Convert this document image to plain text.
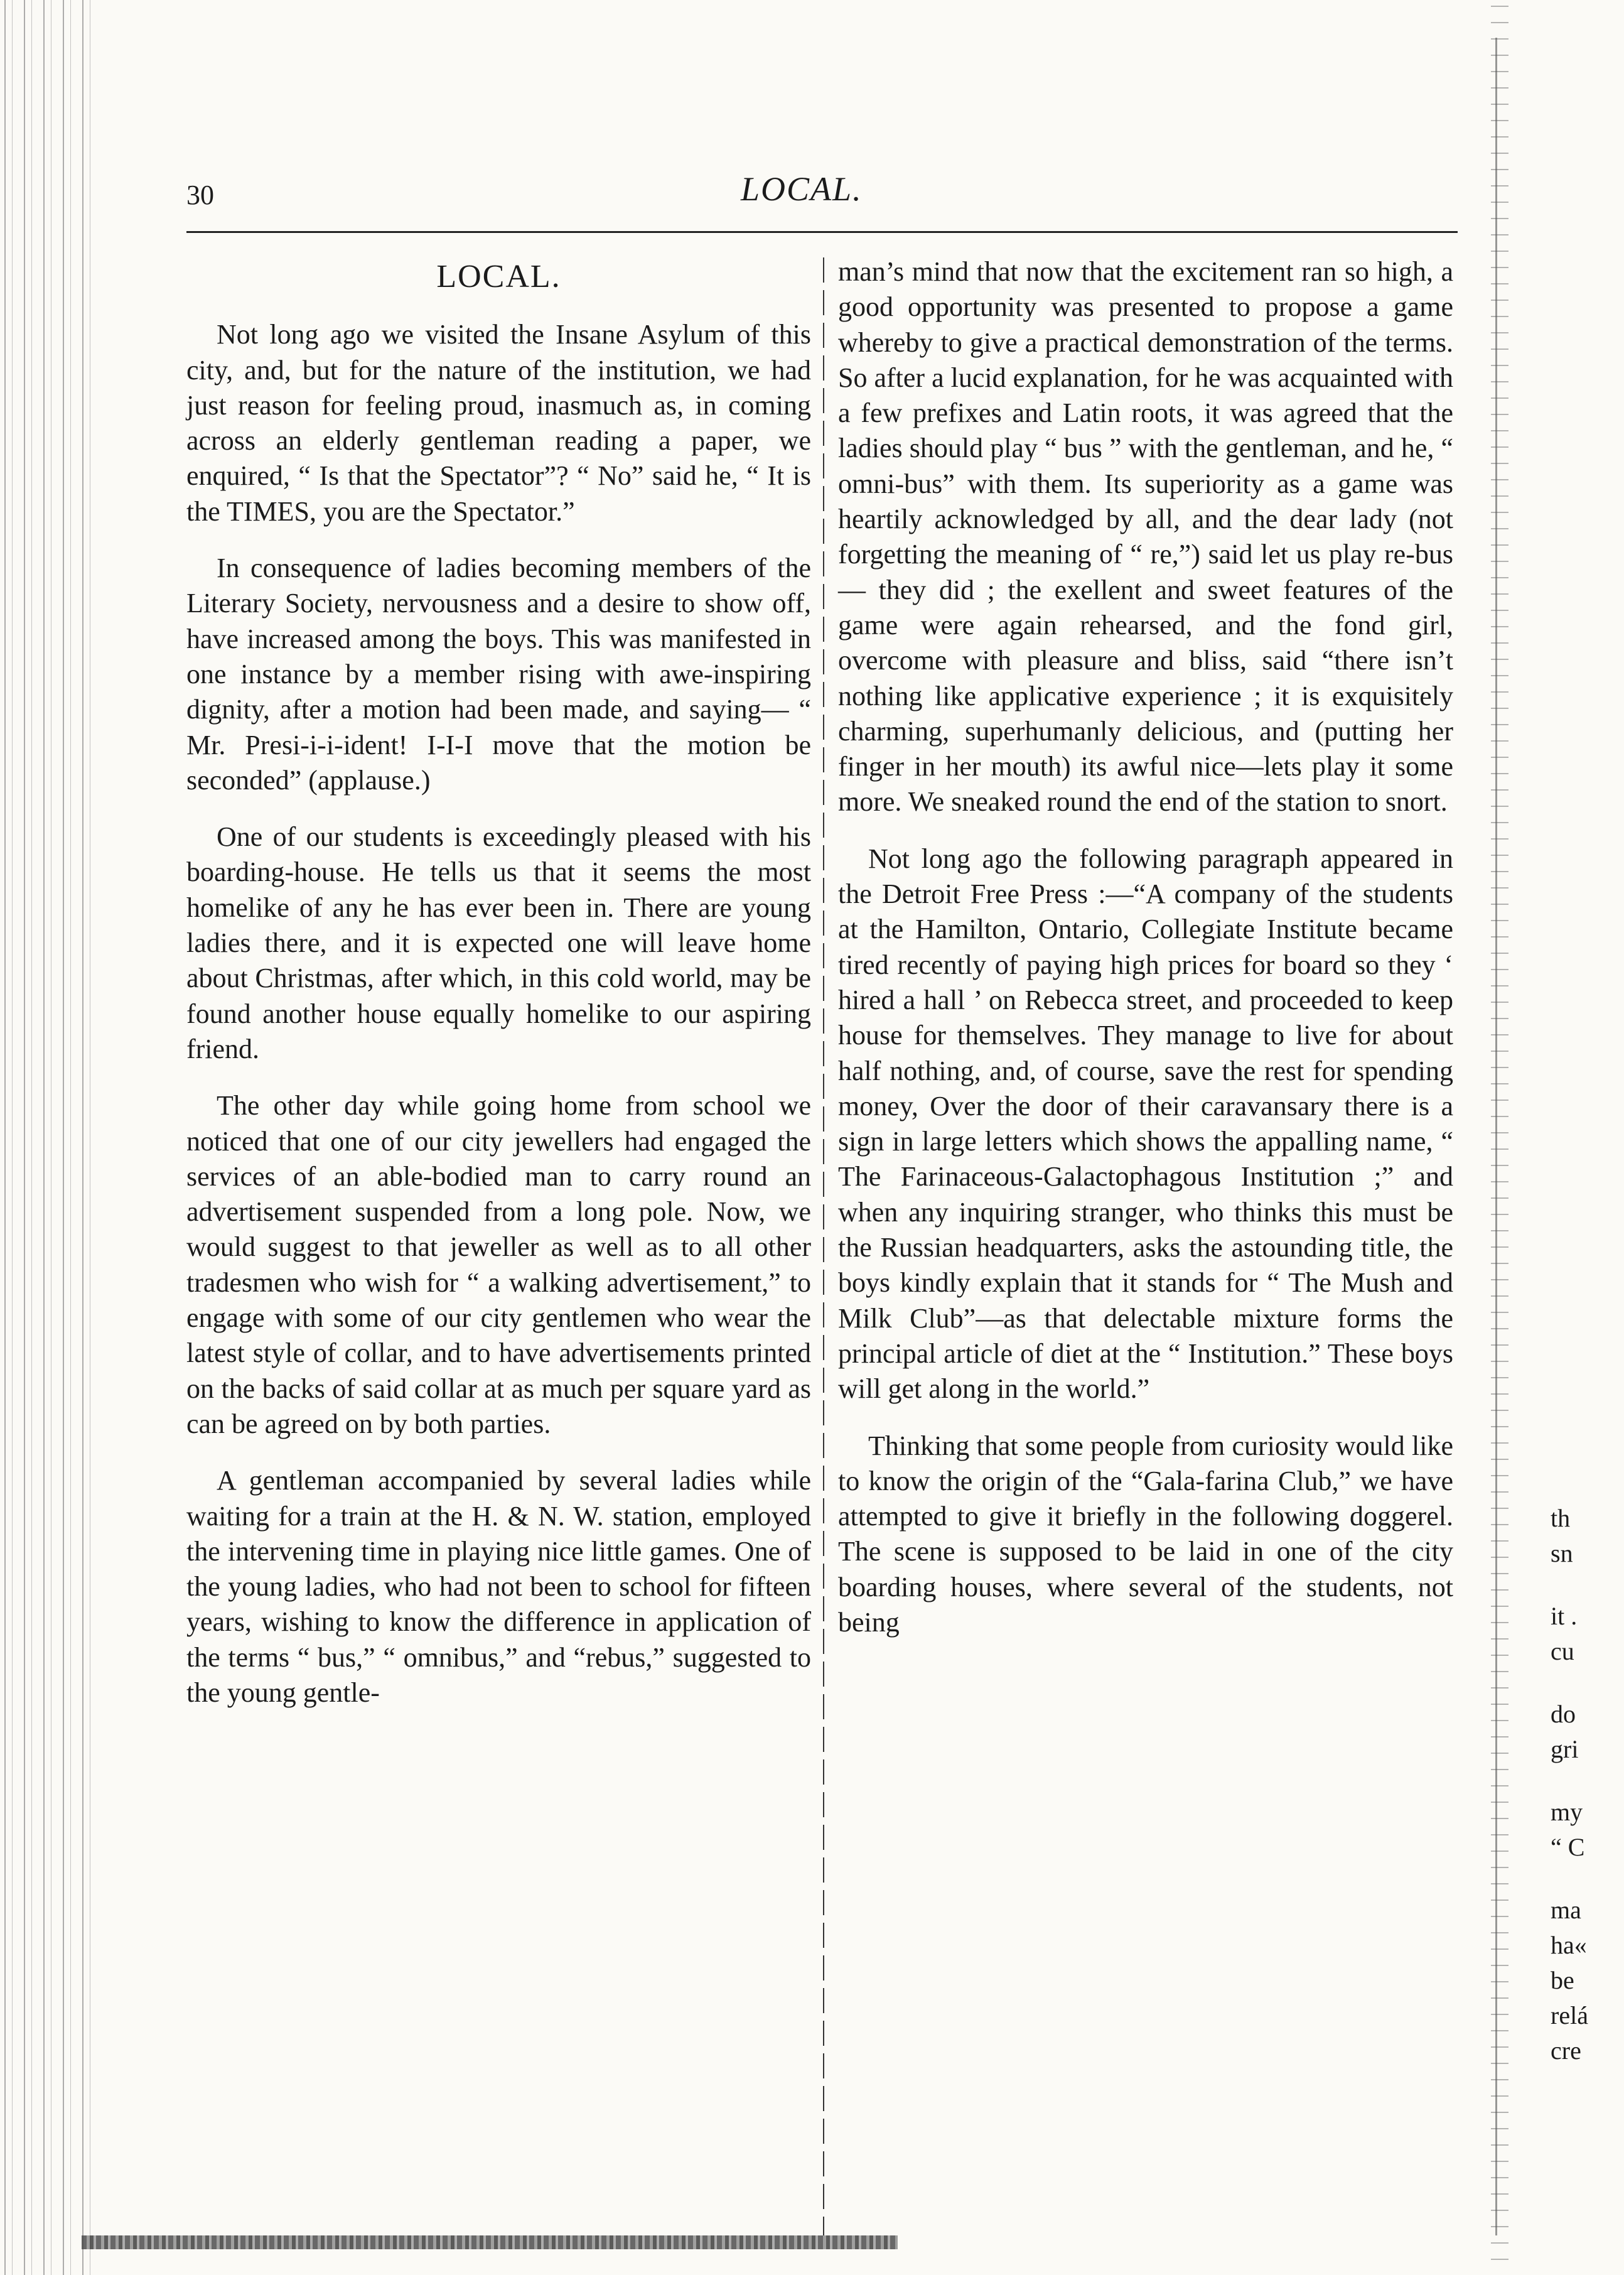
30	LOCAL.
LOCAL.

Not long ago we visited the Insane Asylum of this city, and, but for the nature of the institution, we had just reason for feeling proud, inasmuch as, in coming across an elderly gentleman reading a paper, we enquired, “ Is that the Spectator”? “ No” said he, “ It is the TIMES, you are the Spectator.”

In consequence of ladies becoming members of the Literary Society, nervousness and a desire to show off, have increased among the boys. This was manifested in one instance by a member rising with awe-inspiring dignity, after a motion had been made, and saying— “ Mr. Presi-i-i-ident! I-I-I move that the motion be seconded” (applause.)

One of our students is exceedingly pleased with his boarding-house. He tells us that it seems the most homelike of any he has ever been in. There are young ladies there, and it is expected one will leave home about Christmas, after which, in this cold world, may be found another house equally homelike to our aspiring friend.

The other day while going home from school we noticed that one of our city jewellers had engaged the services of an able-bodied man to carry round an advertisement suspended from a long pole. Now, we would suggest to that jeweller as well as to all other tradesmen who wish for “ a walking advertisement,” to engage with some of our city gentlemen who wear the latest style of collar, and to have advertisements printed on the backs of said collar at as much per square yard as can be agreed on by both parties.

A gentleman accompanied by several ladies while waiting for a train at the H. & N. W. station, employed the intervening time in playing nice little games. One of the young ladies, who had not been to school for fifteen years, wishing to know the difference in application of the terms “ bus,” “ omnibus,” and “rebus,” suggested to the young gentle-

man’s mind that now that the excitement ran so high, a good opportunity was presented to propose a game whereby to give a practical demonstration of the terms. So after a lucid explanation, for he was acquainted with a few prefixes and Latin roots, it was agreed that the ladies should play “ bus ” with the gentleman, and he, “ omni-bus” with them. Its superiority as a game was heartily acknowledged by all, and the dear lady (not forgetting the meaning of “ re,”) said let us play re-bus— they did ; the exellent and sweet features of the game were again rehearsed, and the fond girl, overcome with pleasure and bliss, said “there isn’t nothing like applicative experience ; it is exquisitely charming, superhumanly delicious, and (putting her finger in her mouth) its awful nice—lets play it some more. We sneaked round the end of the station to snort.

Not long ago the following paragraph appeared in the Detroit Free Press :—“A company of the students at the Hamilton, Ontario, Collegiate Institute became tired recently of paying high prices for board so they ‘ hired a hall ’ on Rebecca street, and proceeded to keep house for themselves. They manage to live for about half nothing, and, of course, save the rest for spending money, Over the door of their caravansary there is a sign in large letters which shows the appalling name, “ The Farinaceous-Galactophagous Institution ;” and when any inquiring stranger, who thinks this must be the Russian headquarters, asks the astounding title, the boys kindly explain that it stands for “ The Mush and Milk Club”—as that delectable mixture forms the principal article of diet at the “ Institution.” These boys will get along in the world.”

Thinking that some people from curiosity would like to know the origin of the “Gala-farina Club,” we have attempted to give it briefly in the following doggerel. The scene is supposed to be laid in one of the city boarding houses, where several of the students, not being

th
sn
it .
cu
do
gri
my
“ C
ma
ha«
be
relá
cre
